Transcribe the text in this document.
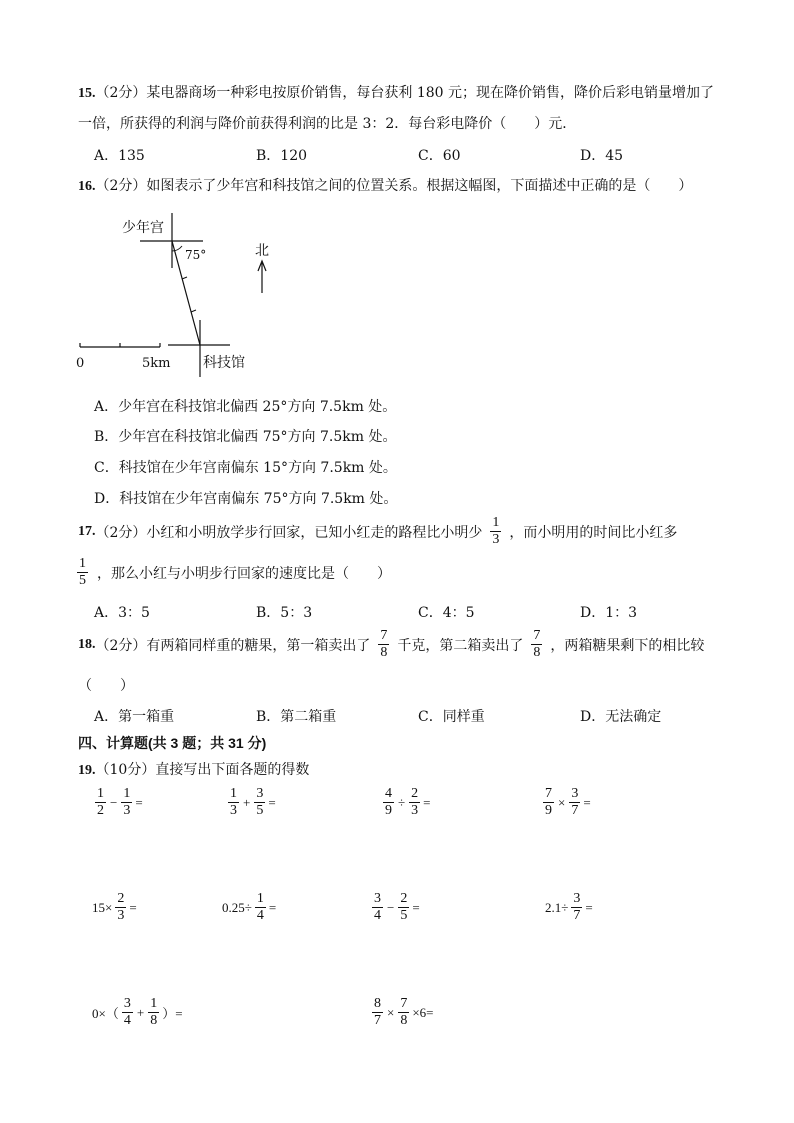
15.（2分）某电器商场一种彩电按原价销售，每台获利 180 元；现在降价销售，降价后彩电销量增加了
一倍，所获得的利润与降价前获得利润的比是 3：2．每台彩电降价（　　）元．
A．135	B．120	C．60	D．45
16.（2分）如图表示了少年宫和科技馆之间的位置关系。根据这幅图，下面描述中正确的是（　　）
少年宫
75°	北
科技馆
0	5km
A．少年宫在科技馆北偏西 25°方向 7.5km 处。
B．少年宫在科技馆北偏西 75°方向 7.5km 处。
C．科技馆在少年宫南偏东 15°方向 7.5km 处。
D．科技馆在少年宫南偏东 75°方向 7.5km 处。
17. （2分） 小红和小明放学步行回家，已知小红走的路程比小明少 $\frac{1}{3}$ ，而小明用的时间比小红多
$\frac{1}{5}$ ，那么小红与小明步行回家的速度比是（　　）
A．3：5	B．5：3	C．4：5	D．1：3
18. （2分） 有两箱同样重的糖果，第一箱卖出了 $\frac{7}{8}$ 千克，第二箱卖出了 $\frac{7}{8}$ ，两箱糖果剩下的相比较
（　　）
A．第一箱重	B．第二箱重	C．同样重	D．无法确定
四、计算题(共 3 题；共 31 分)
19.（10分）直接写出下面各题的得数
$\frac{1}{2} - \frac{1}{3}$ =	$\frac{1}{3} + \frac{3}{5}$ =	$\frac{4}{9} \div \frac{2}{3}$ =	$\frac{7}{9} \times \frac{3}{7}$ =
$15\times \frac{2}{3}$ =	$0.25\div \frac{1}{4}$ =	$\frac{3}{4} - \frac{2}{5}$ =	$2.1\div \frac{3}{7}$ =
$0\times( \frac{3}{4} + \frac{1}{8}$ ）=	$\frac{8}{7} \times \frac{7}{8} \times 6=$
